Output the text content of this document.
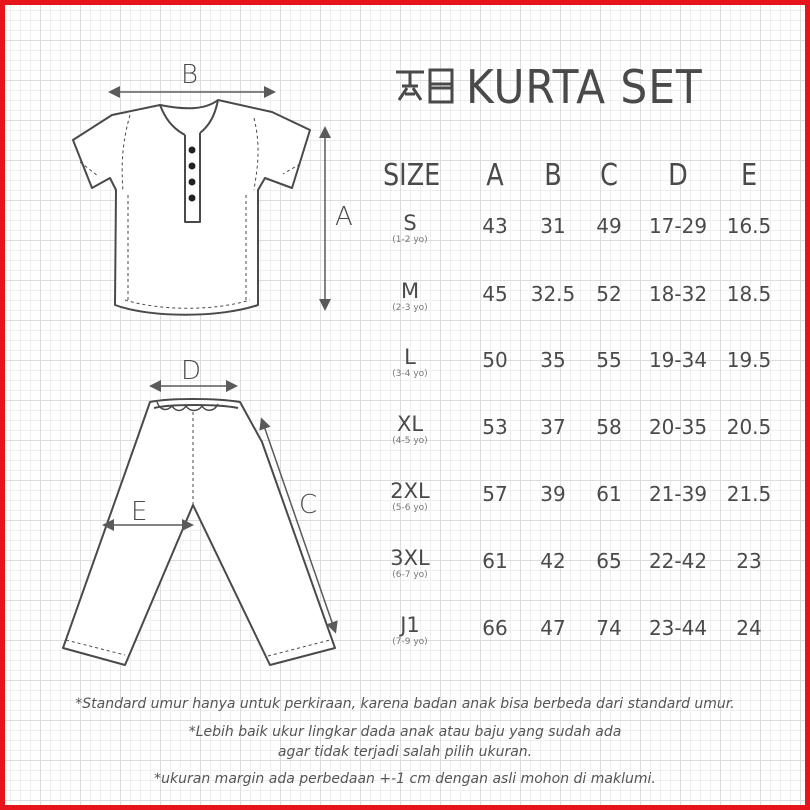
B
A
D
C
E
KURTA SET
SIZE	A	B	C	D	E
S
(1-2 yo)
43	31	49	17-29 16.5
M
(2-3 yo)
45	32.5	52	18-32 18.5
L
(3-4 yo)
50	35	55	19-34 19.5
XL
(4-5 yo)
53	37	58	20-35 20.5
2XL
(5-6 yo)
57	39	61	21-39 21.5
3XL
(6-7 yo)
61	42	65	22-42	23
J1
(7-9 yo)
66	47	74	23-44	24
*Standard umur hanya untuk perkiraan, karena badan anak bisa berbeda dari standard umur.
*Lebih baik ukur lingkar dada anak atau baju yang sudah ada
agar tidak terjadi salah pilih ukuran.
*ukuran margin ada perbedaan +-1 cm dengan asli mohon di maklumi.
